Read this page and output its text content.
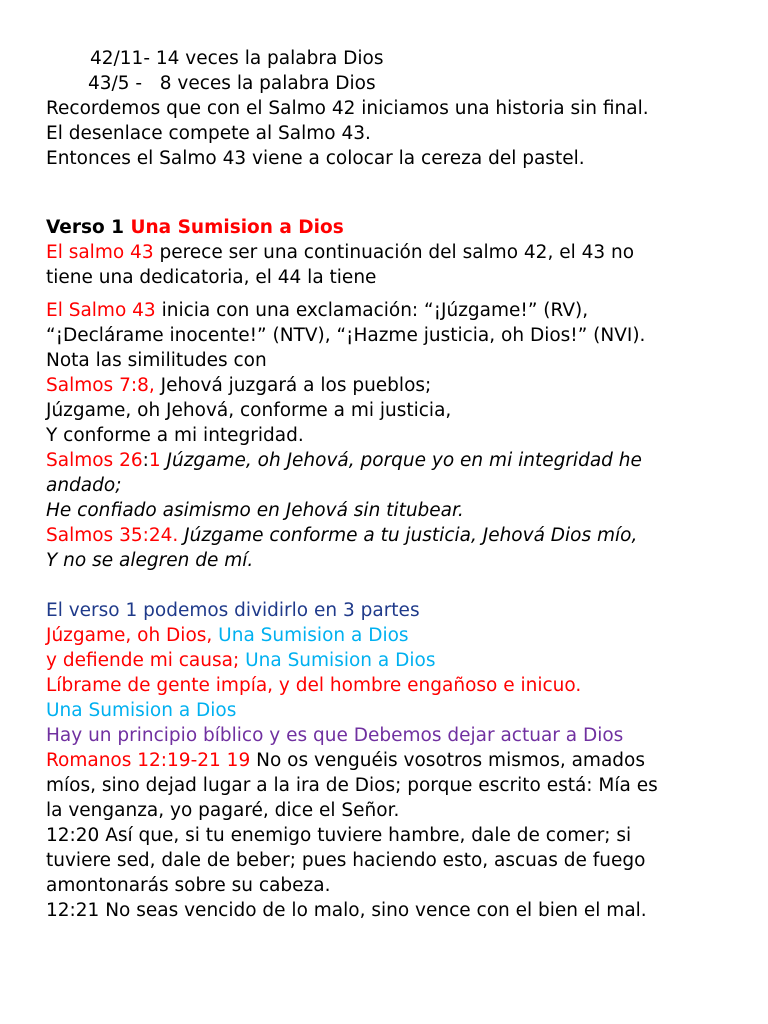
42/11- 14 veces la palabra Dios
43/5 - 8 veces la palabra Dios
Recordemos que con el Salmo 42 iniciamos una historia sin final.
El desenlace compete al Salmo 43.
Entonces el Salmo 43 viene a colocar la cereza del pastel.
Verso 1 Una Sumision a Dios
El salmo 43 perece ser una continuación del salmo 42, el 43 no
tiene una dedicatoria, el 44 la tiene
El Salmo 43 inicia con una exclamación: “¡Júzgame!” (RV),
“¡Declárame inocente!” (NTV), “¡Hazme justicia, oh Dios!” (NVI).
Nota las similitudes con
Salmos 7:8, Jehová juzgará a los pueblos;
Júzgame, oh Jehová, conforme a mi justicia,
Y conforme a mi integridad.
Salmos 26:1 Júzgame, oh Jehová, porque yo en mi integridad he
andado;
He confiado asimismo en Jehová sin titubear.
Salmos 35:24. Júzgame conforme a tu justicia, Jehová Dios mío,
Y no se alegren de mí.
El verso 1 podemos dividirlo en 3 partes
Júzgame, oh Dios, Una Sumision a Dios
y defiende mi causa; Una Sumision a Dios
Líbrame de gente impía, y del hombre engañoso e inicuo.
Una Sumision a Dios
Hay un principio bíblico y es que Debemos dejar actuar a Dios
Romanos 12:19-21 19 No os venguéis vosotros mismos, amados
míos, sino dejad lugar a la ira de Dios; porque escrito está: Mía es
la venganza, yo pagaré, dice el Señor.
12:20 Así que, si tu enemigo tuviere hambre, dale de comer; si
tuviere sed, dale de beber; pues haciendo esto, ascuas de fuego
amontonarás sobre su cabeza.
12:21 No seas vencido de lo malo, sino vence con el bien el mal.
